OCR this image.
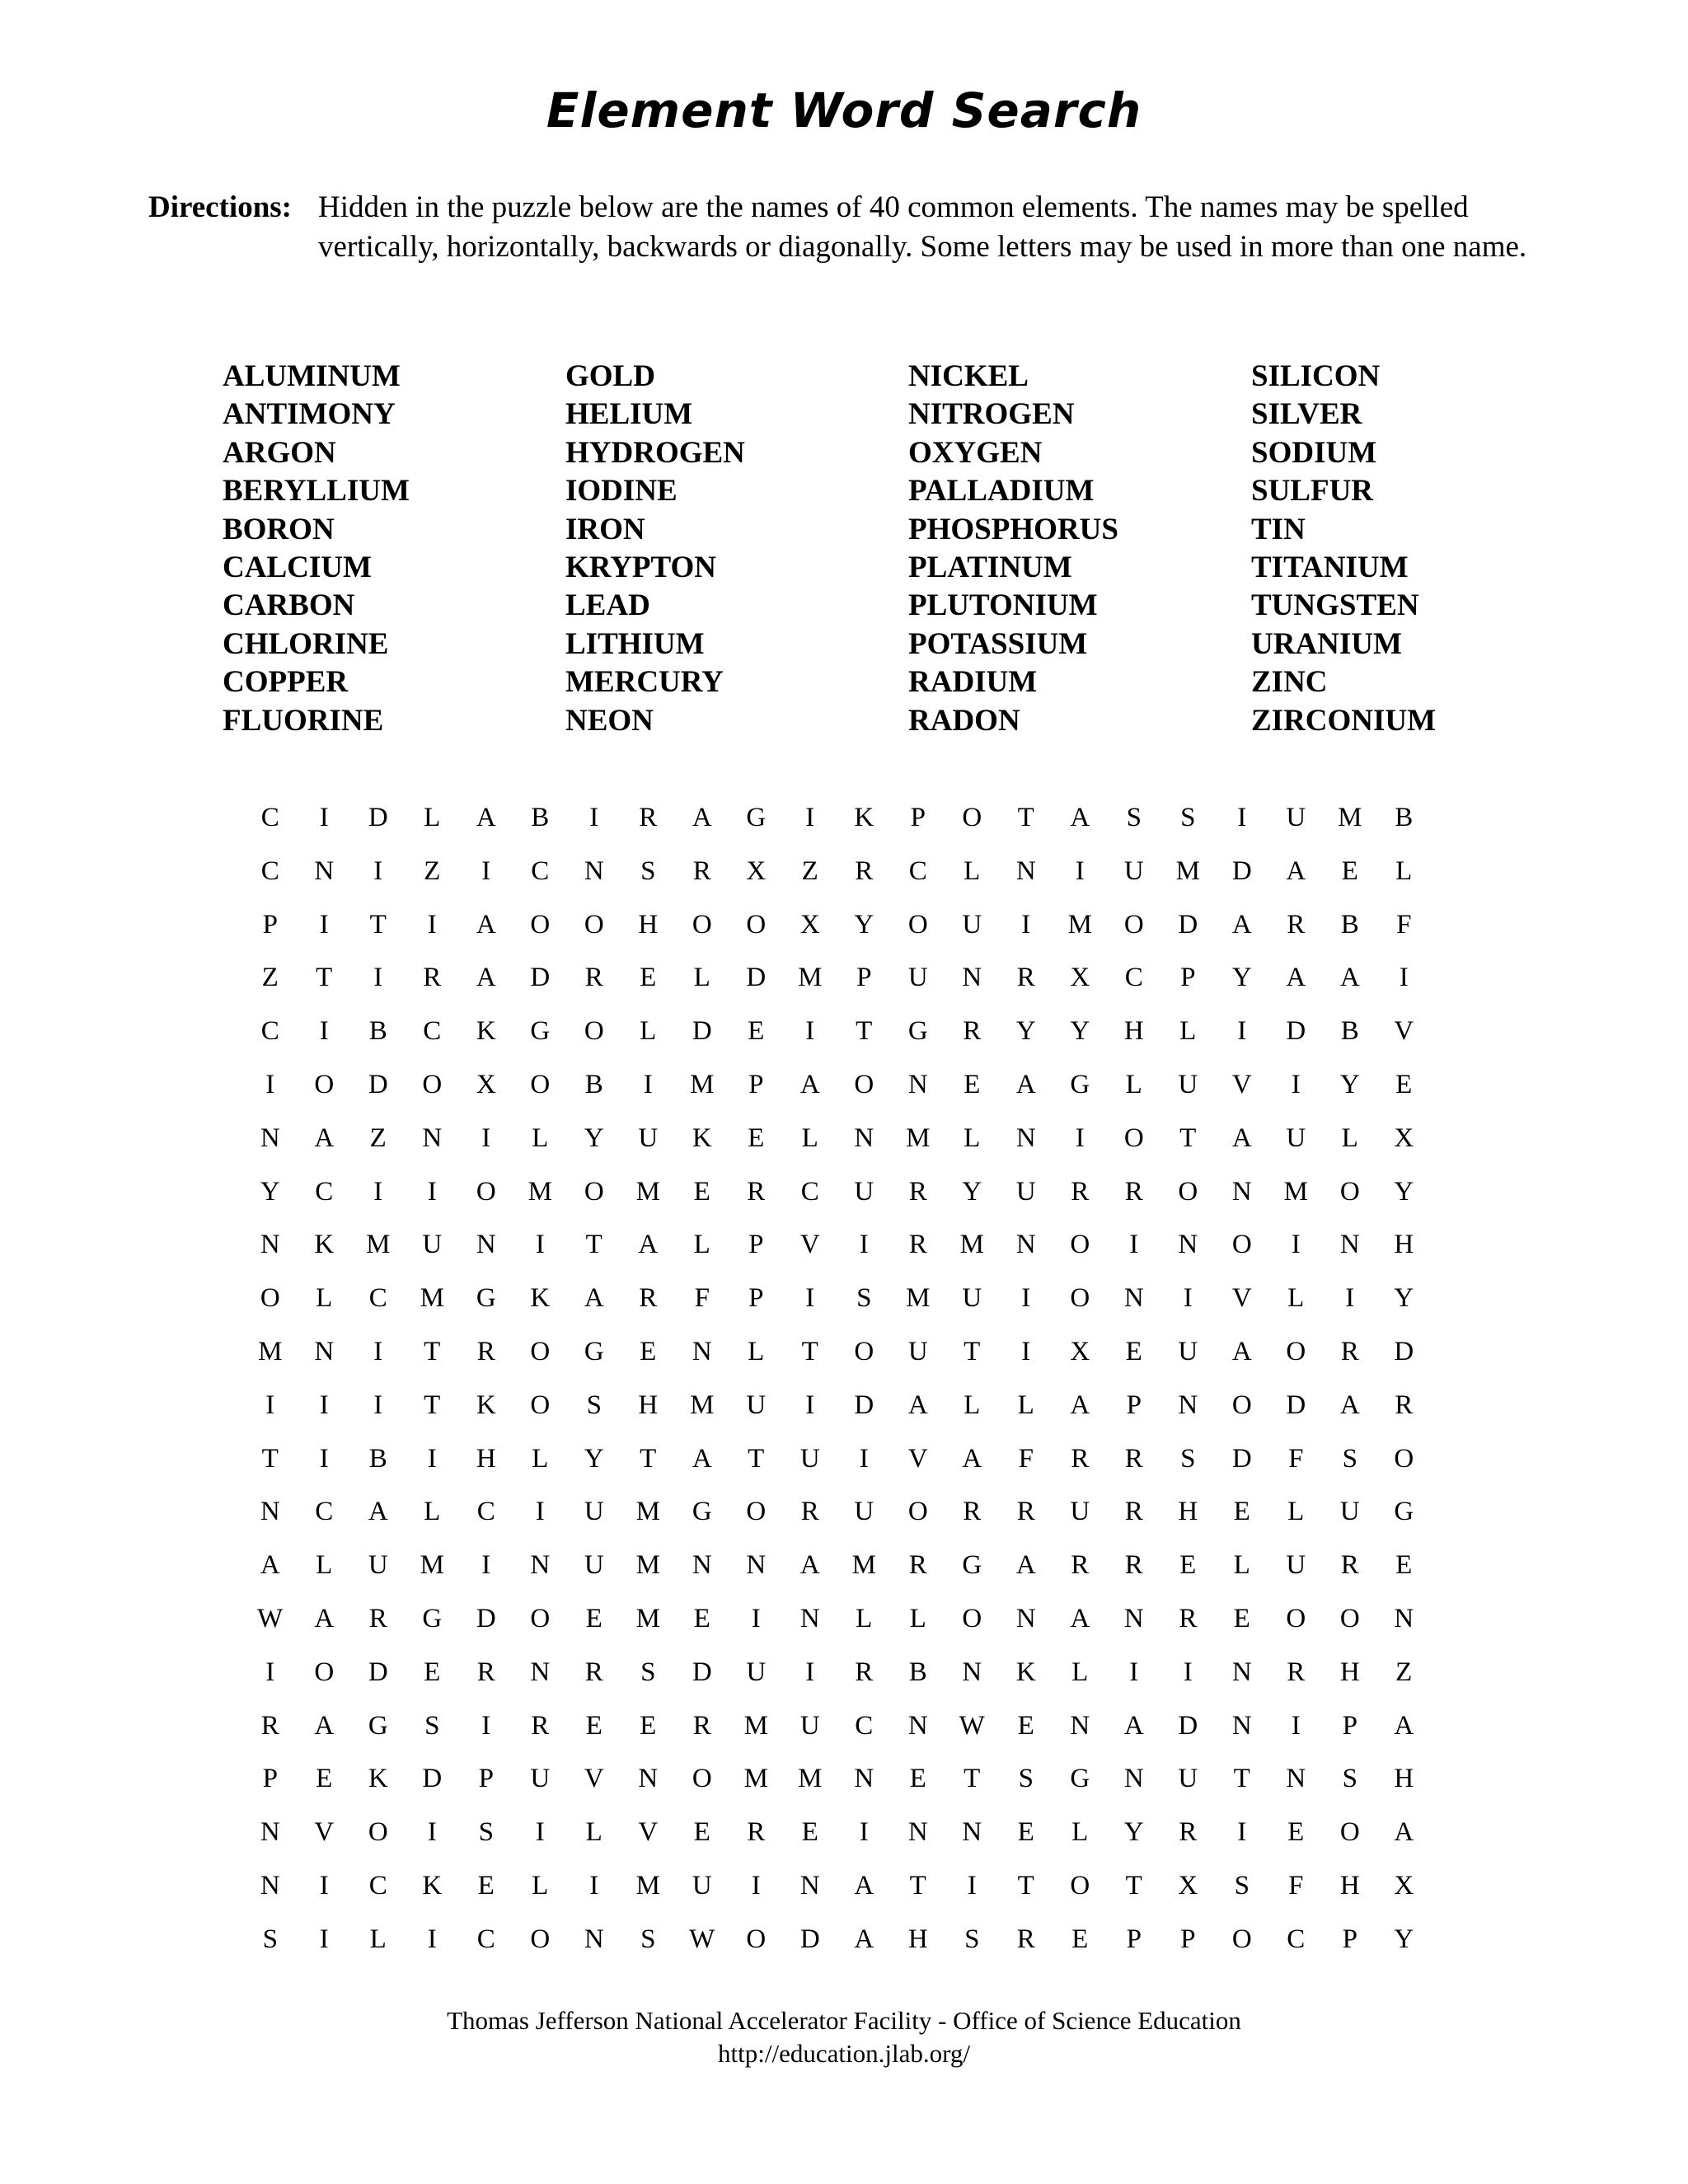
Element Word Search
Directions: Hidden in the puzzle below are the names of 40 common elements. The names may be spelled vertically, horizontally, backwards or diagonally. Some letters may be used in more than one name.
ALUMINUM
ANTIMONY
ARGON
BERYLLIUM
BORON
CALCIUM
CARBON
CHLORINE
COPPER
FLUORINE
GOLD
HELIUM
HYDROGEN
IODINE
IRON
KRYPTON
LEAD
LITHIUM
MERCURY
NEON
NICKEL
NITROGEN
OXYGEN
PALLADIUM
PHOSPHORUS
PLATINUM
PLUTONIUM
POTASSIUM
RADIUM
RADON
SILICON
SILVER
SODIUM
SULFUR
TIN
TITANIUM
TUNGSTEN
URANIUM
ZINC
ZIRCONIUM
C	I	D	L	A	B	I	R	A	G	I	K	P	O	T	A	S	S	I	U	M	B
C	N	I	Z	I	C	N	S	R	X	Z	R	C	L	N	I	U	M	D	A	E	L
P	I	T	I	A	O	O	H	O	O	X	Y	O	U	I	M	O	D	A	R	B	F
Z	T	I	R	A	D	R	E	L	D	M	P	U	N	R	X	C	P	Y	A	A	I
C	I	B	C	K	G	O	L	D	E	I	T	G	R	Y	Y	H	L	I	D	B	V
I	O	D	O	X	O	B	I	M	P	A	O	N	E	A	G	L	U	V	I	Y	E
N	A	Z	N	I	L	Y	U	K	E	L	N	M	L	N	I	O	T	A	U	L	X
Y	C	I	I	O	M	O	M	E	R	C	U	R	Y	U	R	R	O	N	M	O	Y
N	K	M	U	N	I	T	A	L	P	V	I	R	M	N	O	I	N	O	I	N	H
O	L	C	M	G	K	A	R	F	P	I	S	M	U	I	O	N	I	V	L	I	Y
M	N	I	T	R	O	G	E	N	L	T	O	U	T	I	X	E	U	A	O	R	D
I	I	I	T	K	O	S	H	M	U	I	D	A	L	L	A	P	N	O	D	A	R
T	I	B	I	H	L	Y	T	A	T	U	I	V	A	F	R	R	S	D	F	S	O
N	C	A	L	C	I	U	M	G	O	R	U	O	R	R	U	R	H	E	L	U	G
A	L	U	M	I	N	U	M	N	N	A	M	R	G	A	R	R	E	L	U	R	E
W	A	R	G	D	O	E	M	E	I	N	L	L	O	N	A	N	R	E	O	O	N
I	O	D	E	R	N	R	S	D	U	I	R	B	N	K	L	I	I	N	R	H	Z
R	A	G	S	I	R	E	E	R	M	U	C	N	W	E	N	A	D	N	I	P	A
P	E	K	D	P	U	V	N	O	M	M	N	E	T	S	G	N	U	T	N	S	H
N	V	O	I	S	I	L	V	E	R	E	I	N	N	E	L	Y	R	I	E	O	A
N	I	C	K	E	L	I	M	U	I	N	A	T	I	T	O	T	X	S	F	H	X
S	I	L	I	C	O	N	S	W	O	D	A	H	S	R	E	P	P	O	C	P	Y
Thomas Jefferson National Accelerator Facility - Office of Science Education
http://education.jlab.org/
